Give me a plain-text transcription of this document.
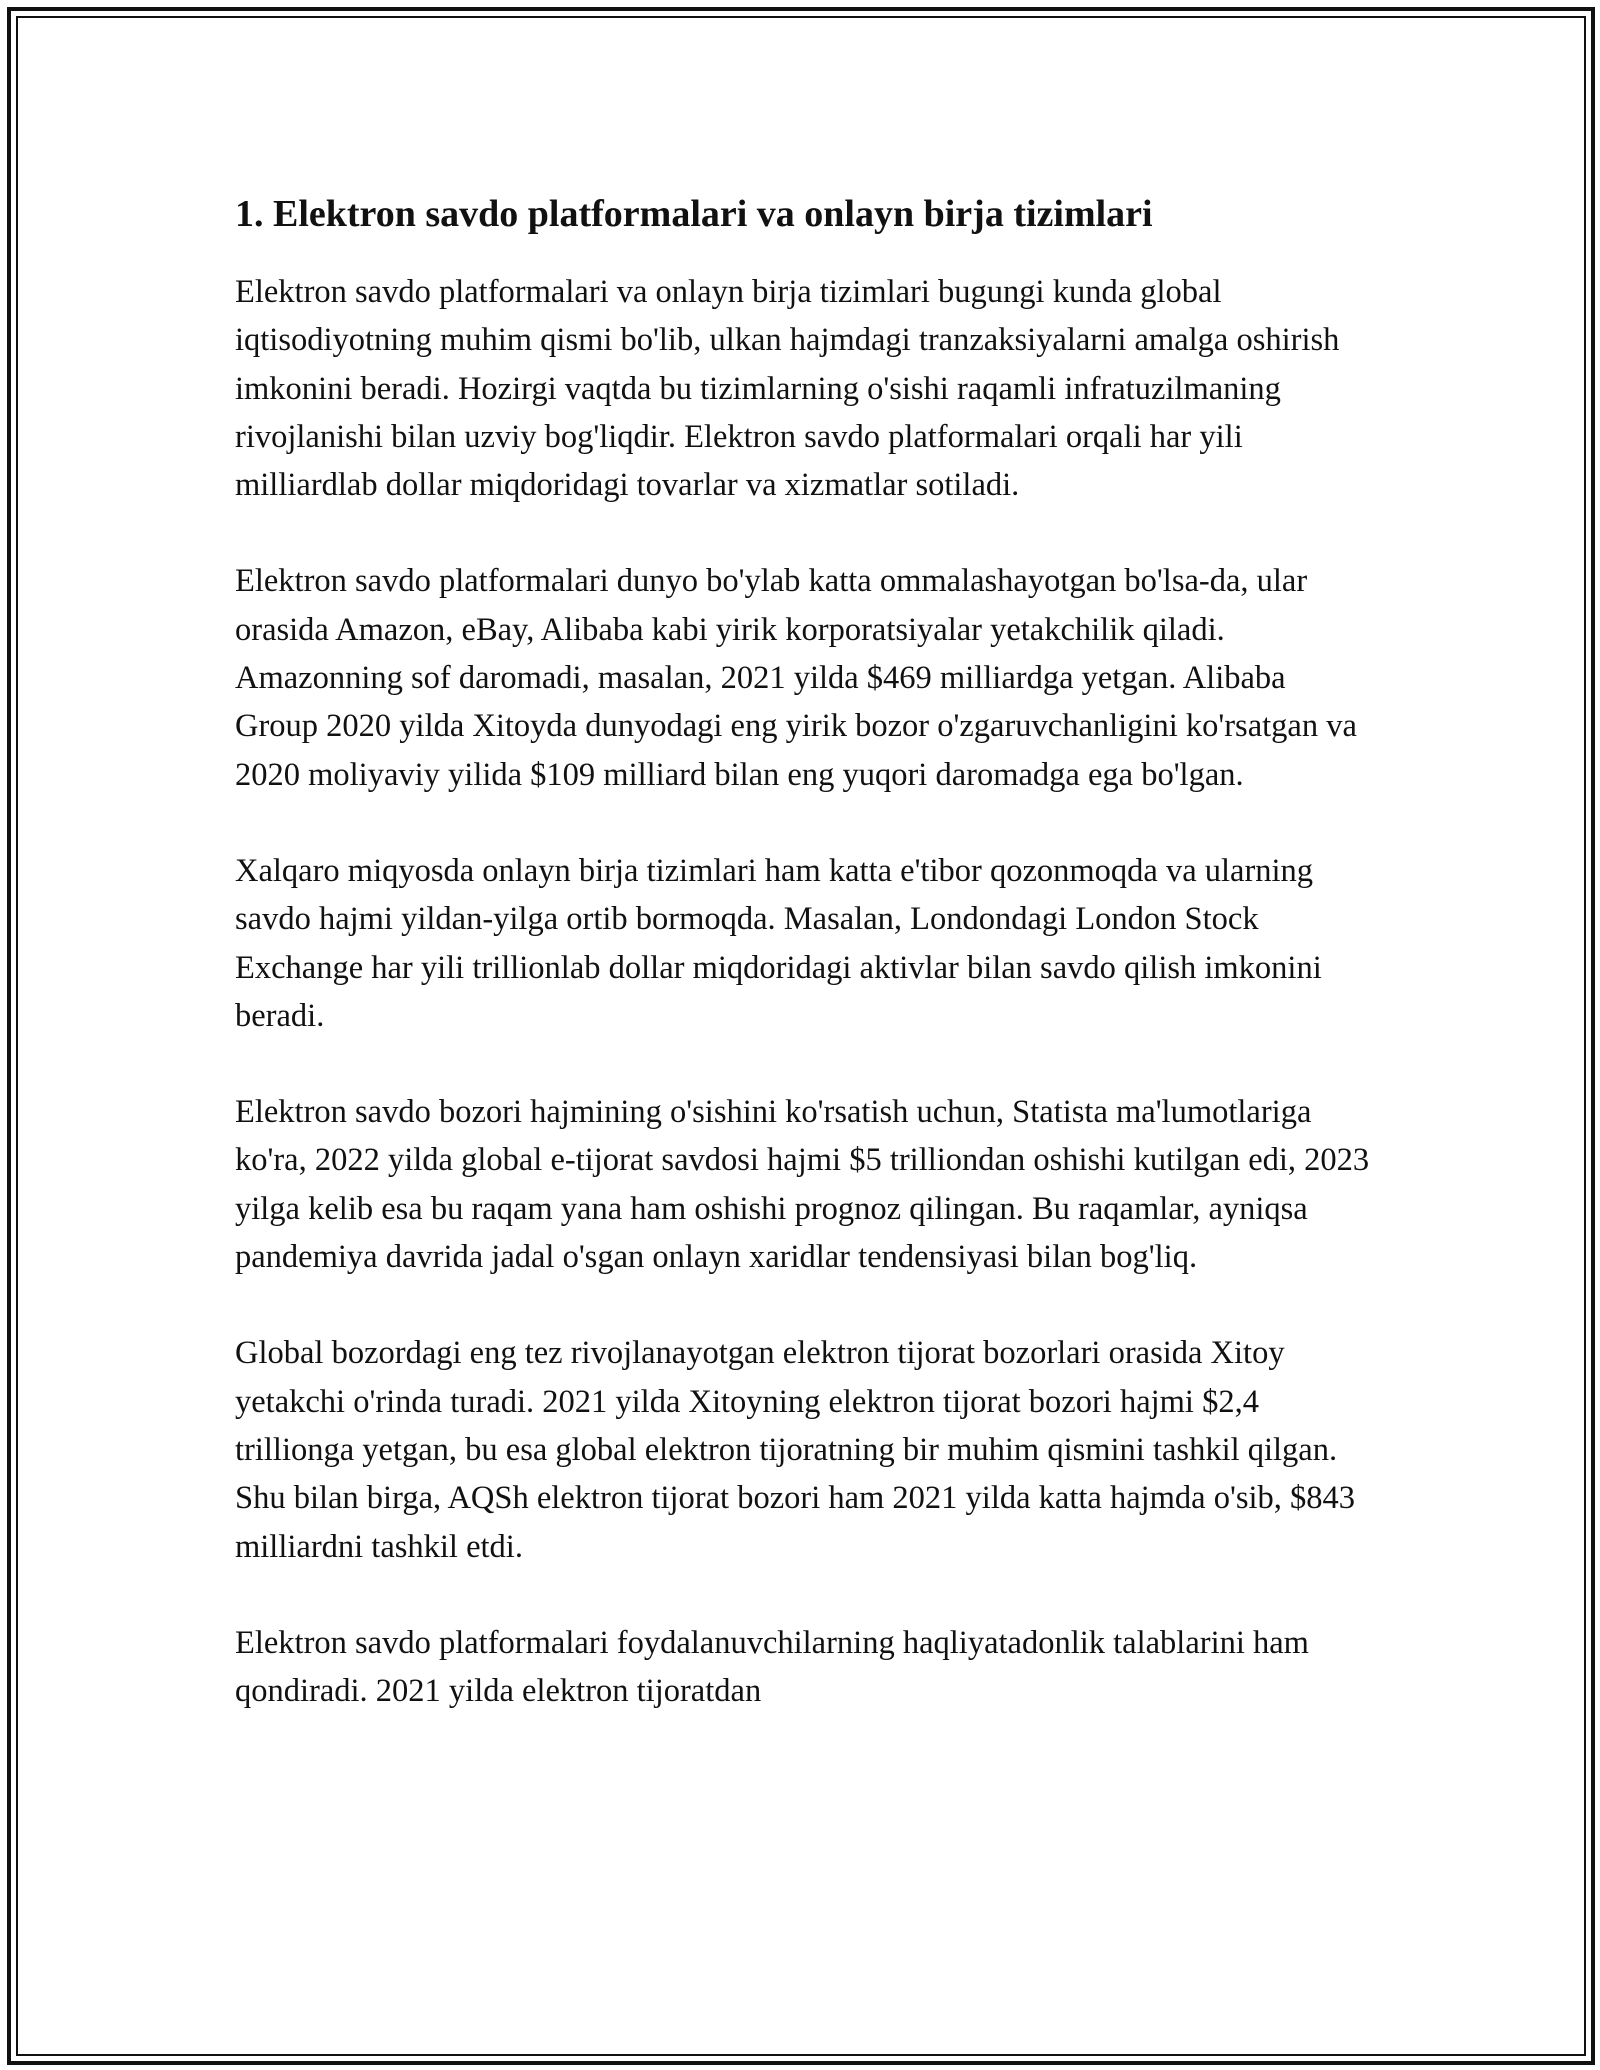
1. Elektron savdo platformalari va onlayn birja tizimlari

Elektron savdo platformalari va onlayn birja tizimlari bugungi kunda global iqtisodiyotning muhim qismi bo'lib, ulkan hajmdagi tranzaksiyalarni amalga oshirish imkonini beradi. Hozirgi vaqtda bu tizimlarning o'sishi raqamli infratuzilmaning rivojlanishi bilan uzviy bog'liqdir. Elektron savdo platformalari orqali har yili milliardlab dollar miqdoridagi tovarlar va xizmatlar sotiladi.

Elektron savdo platformalari dunyo bo'ylab katta ommalashayotgan bo'lsa-da, ular orasida Amazon, eBay, Alibaba kabi yirik korporatsiyalar yetakchilik qiladi. Amazonning sof daromadi, masalan, 2021 yilda $469 milliardga yetgan. Alibaba Group 2020 yilda Xitoyda dunyodagi eng yirik bozor o'zgaruvchanligini ko'rsatgan va 2020 moliyaviy yilida $109 milliard bilan eng yuqori daromadga ega bo'lgan.

Xalqaro miqyosda onlayn birja tizimlari ham katta e'tibor qozonmoqda va ularning savdo hajmi yildan-yilga ortib bormoqda. Masalan, Londondagi London Stock Exchange har yili trillionlab dollar miqdoridagi aktivlar bilan savdo qilish imkonini beradi.

Elektron savdo bozori hajmining o'sishini ko'rsatish uchun, Statista ma'lumotlariga ko'ra, 2022 yilda global e-tijorat savdosi hajmi $5 trilliondan oshishi kutilgan edi, 2023 yilga kelib esa bu raqam yana ham oshishi prognoz qilingan. Bu raqamlar, ayniqsa pandemiya davrida jadal o'sgan onlayn xaridlar tendensiyasi bilan bog'liq.

Global bozordagi eng tez rivojlanayotgan elektron tijorat bozorlari orasida Xitoy yetakchi o'rinda turadi. 2021 yilda Xitoyning elektron tijorat bozori hajmi $2,4 trillionga yetgan, bu esa global elektron tijoratning bir muhim qismini tashkil qilgan. Shu bilan birga, AQSh elektron tijorat bozori ham 2021 yilda katta hajmda o'sib, $843 milliardni tashkil etdi.

Elektron savdo platformalari foydalanuvchilarning haqliyatadonlik talablarini ham qondiradi. 2021 yilda elektron tijoratdan
